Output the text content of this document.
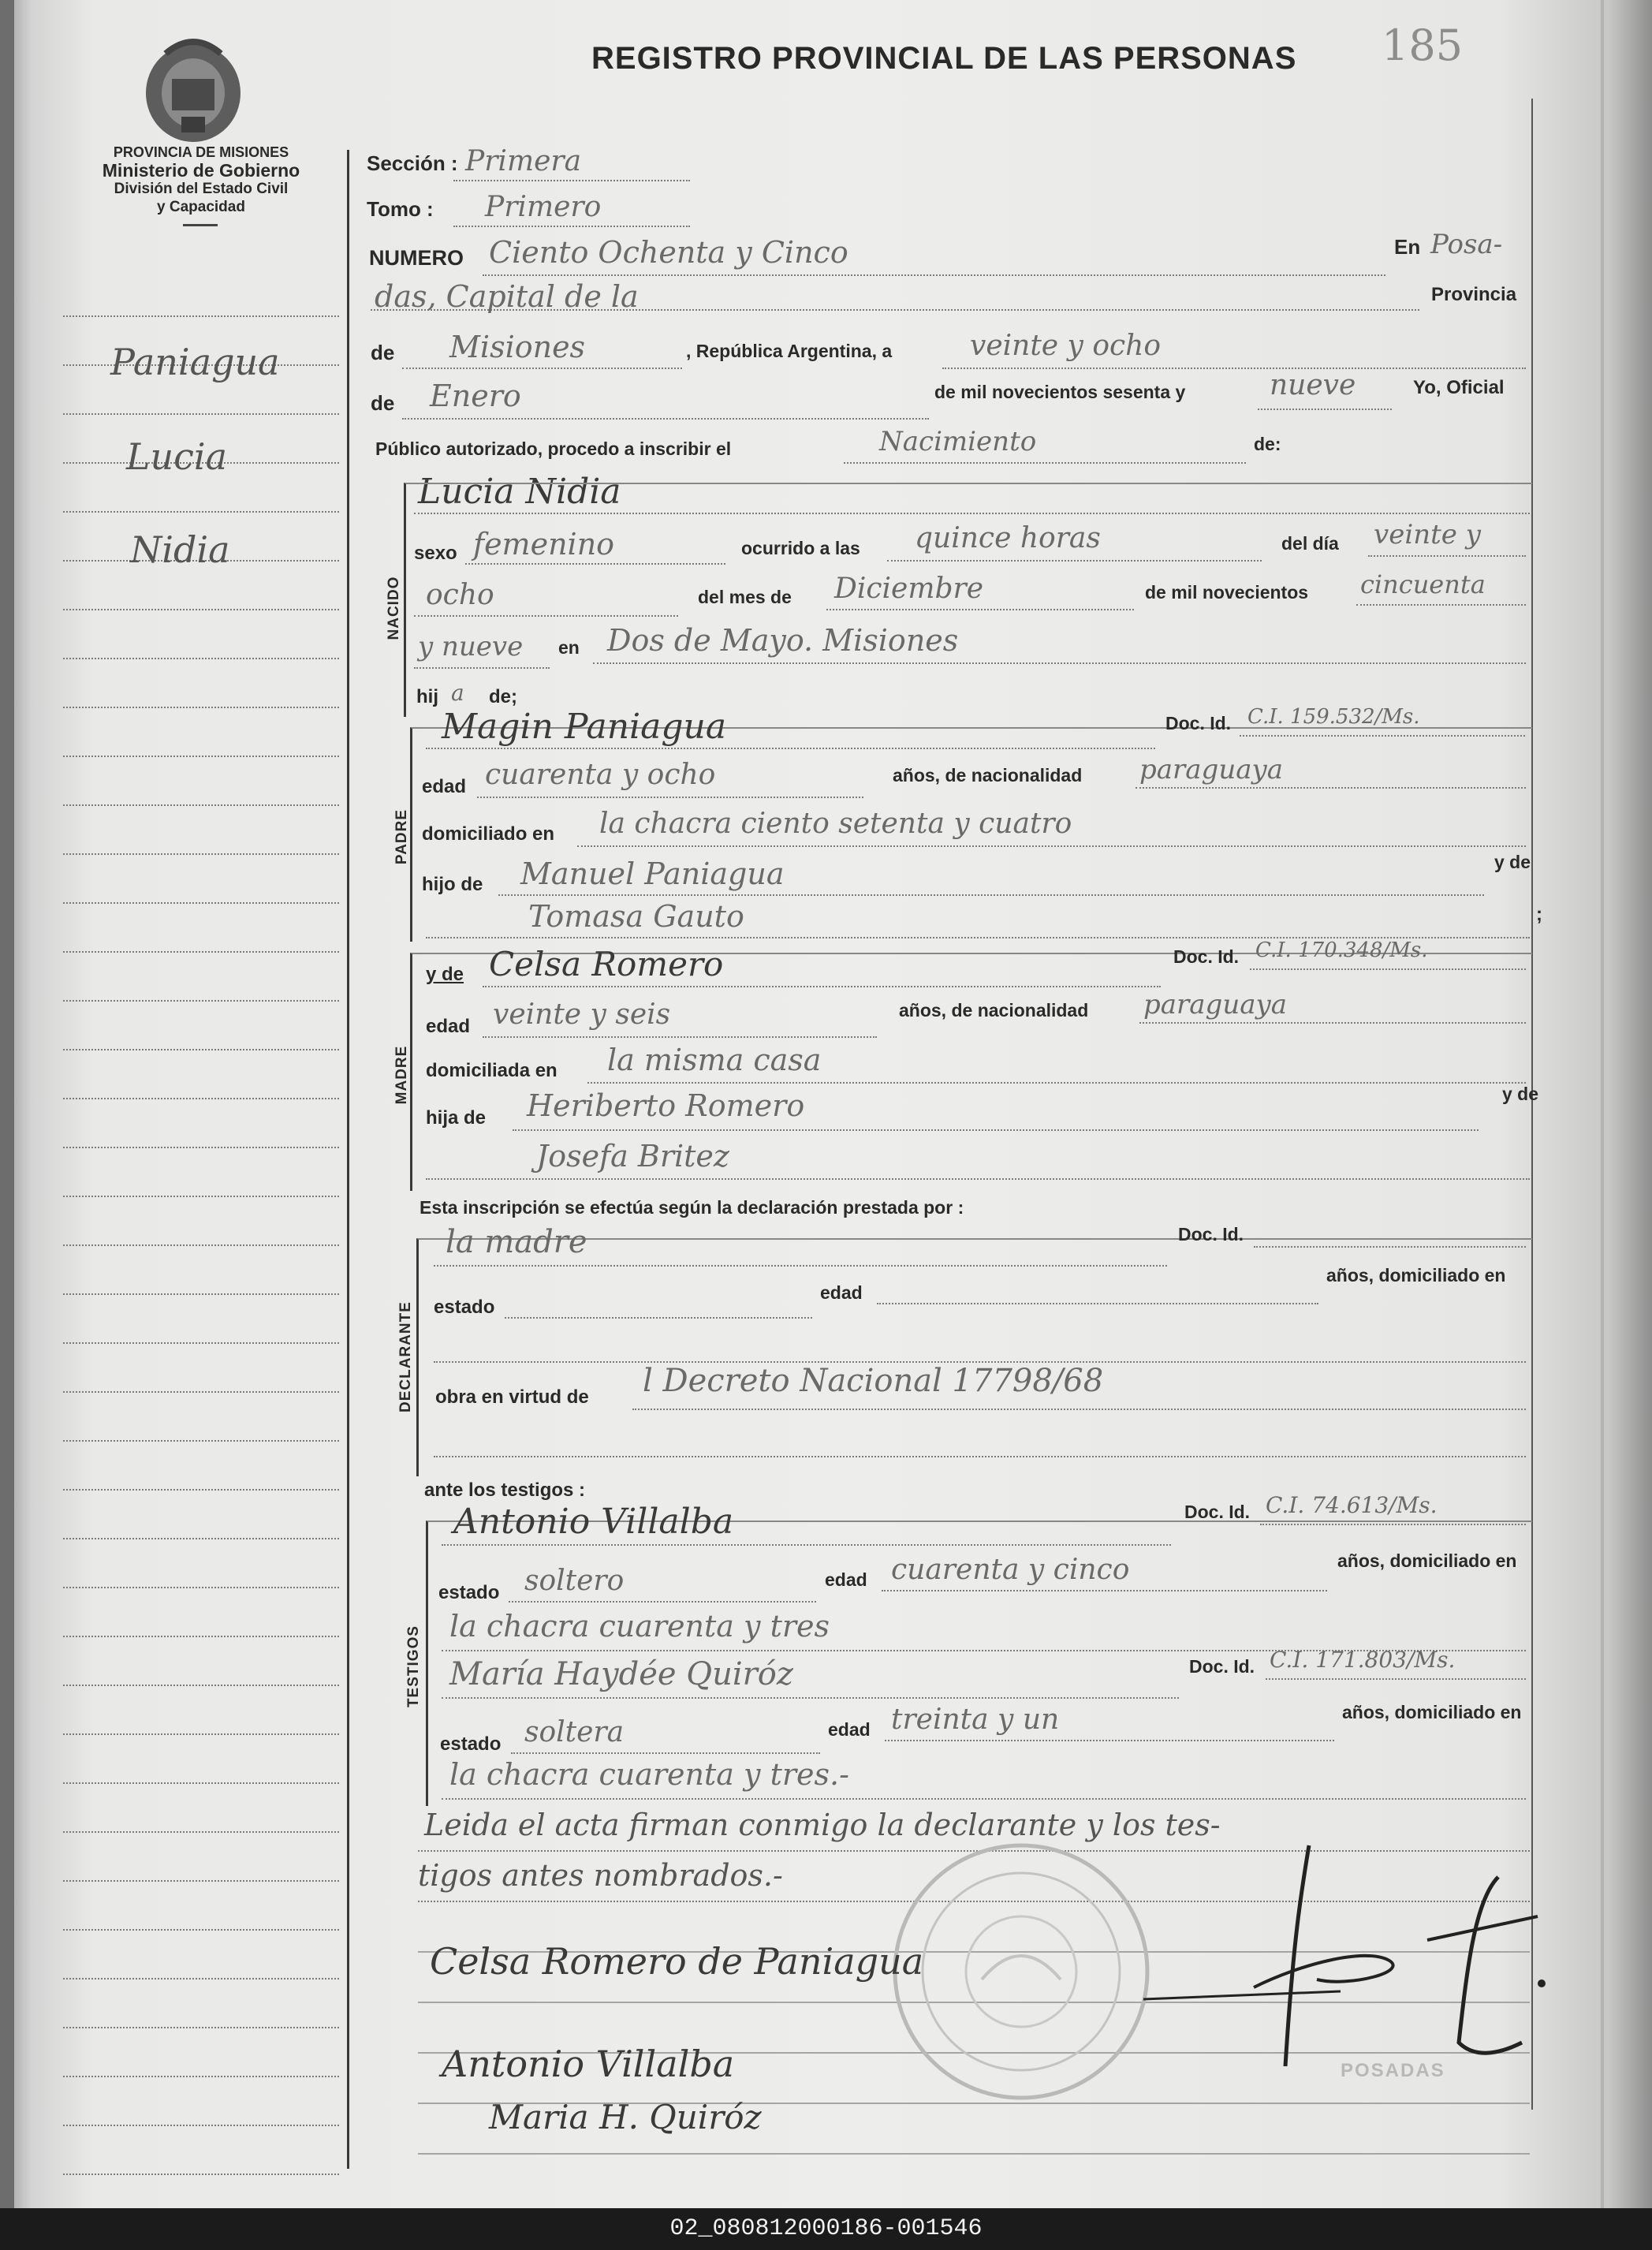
PROVINCIA DE MISIONES
Ministerio de Gobierno
División del Estado Civil
y Capacidad
REGISTRO PROVINCIAL DE LAS PERSONAS 185
Paniagua
Lucia
Nidia
Sección : Primera
Tomo : Primero
NUMERO Ciento Ochenta y Cinco	En Posa-
das, Capital de la	Provincia
de Misiones	, República Argentina, a	veinte y ocho
de Enero	de mil novecientos sesenta y	nueve	Yo, Oficial
Público autorizado, procedo a inscribir el	Nacimiento	de:
Lucia Nidia
NACIDO
sexo femenino	ocurrido a las quince horas	del día veinte y
ocho	del mes de Diciembre	de mil novecientos cincuenta
y nueve en Dos de Mayo. Misiones
hij a de;
PADRE
Magin Paniagua	Doc. Id. C.I. 159.532/Ms.
edad cuarenta y ocho	años, de nacionalidad paraguaya
domiciliado en la chacra ciento setenta y cuatro
hijo de Manuel Paniagua	y de
Tomasa Gauto	;
MADRE
y de Celsa Romero	Doc. Id. C.I. 170.348/Ms.
edad veinte y seis	años, de nacionalidad paraguaya
domiciliada en la misma casa
hija de Heriberto Romero	y de
Josefa Britez
Esta inscripción se efectúa según la declaración prestada por :
DECLARANTE
la madre	Doc. Id.
estado
edad
años, domiciliado en
obra en virtud de l Decreto Nacional 17798/68
ante los testigos :
TESTIGOS
Antonio Villalba	Doc. Id. C.I. 74.613/Ms.
estado soltero	edad cuarenta y cinco	años, domiciliado en
la chacra cuarenta y tres
María Haydée Quiróz	Doc. Id. C.I. 171.803/Ms.
estado soltera	edad treinta y un	años, domiciliado en
la chacra cuarenta y tres.-
Leida el acta firman conmigo la declarante y los tes-
tigos antes nombrados.-
POSADAS
Celsa Romero de Paniagua
Antonio Villalba
Maria H. Quiróz
02_080812000186-001546
